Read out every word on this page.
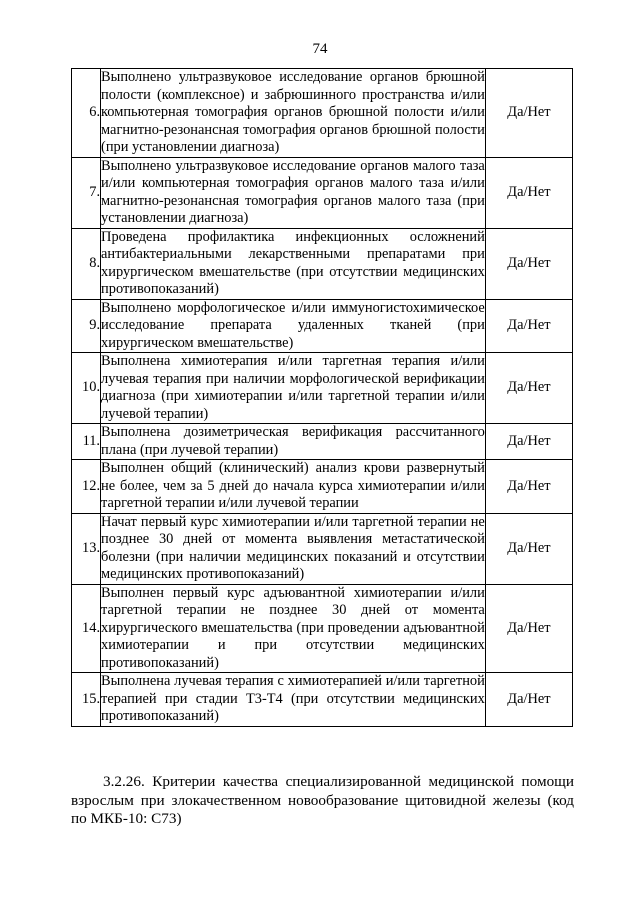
74
6.	Выполнено ультразвуковое исследование органов брюшной полости (комплексное) и забрюшинного пространства и/или компьютерная томография органов брюшной полости и/или магнитно-резонансная томография органов брюшной полости (при установлении диагноза)	Да/Нет
7.	Выполнено ультразвуковое исследование органов малого таза и/или компьютерная томография органов малого таза и/или магнитно-резонансная томография органов малого таза (при установлении диагноза)	Да/Нет
8.	Проведена профилактика инфекционных осложнений антибактериальными лекарственными препаратами при хирургическом вмешательстве (при отсутствии медицинских противопоказаний)	Да/Нет
9.	Выполнено морфологическое и/или иммуногистохимическое исследование препарата удаленных тканей (при хирургическом вмешательстве)	Да/Нет
10.	Выполнена химиотерапия и/или таргетная терапия и/или лучевая терапия при наличии морфологической верификации диагноза (при химиотерапии и/или таргетной терапии и/или лучевой терапии)	Да/Нет
11.	Выполнена дозиметрическая верификация рассчитанного плана (при лучевой терапии)	Да/Нет
12.	Выполнен общий (клинический) анализ крови развернутый не более, чем за 5 дней до начала курса химиотерапии и/или таргетной терапии и/или лучевой терапии	Да/Нет
13.	Начат первый курс химиотерапии и/или таргетной терапии не позднее 30 дней от момента выявления метастатической болезни (при наличии медицинских показаний и отсутствии медицинских противопоказаний)	Да/Нет
14.	Выполнен первый курс адъювантной химиотерапии и/или таргетной терапии не позднее 30 дней от момента хирургического вмешательства (при проведении адъювантной химиотерапии и при отсутствии медицинских противопоказаний)	Да/Нет
15.	Выполнена лучевая терапия с химиотерапией и/или таргетной терапией при стадии T3-T4 (при отсутствии медицинских противопоказаний)	Да/Нет
3.2.26. Критерии качества специализированной медицинской помощи взрослым при злокачественном новообразование щитовидной железы (код по МКБ-10: C73)
